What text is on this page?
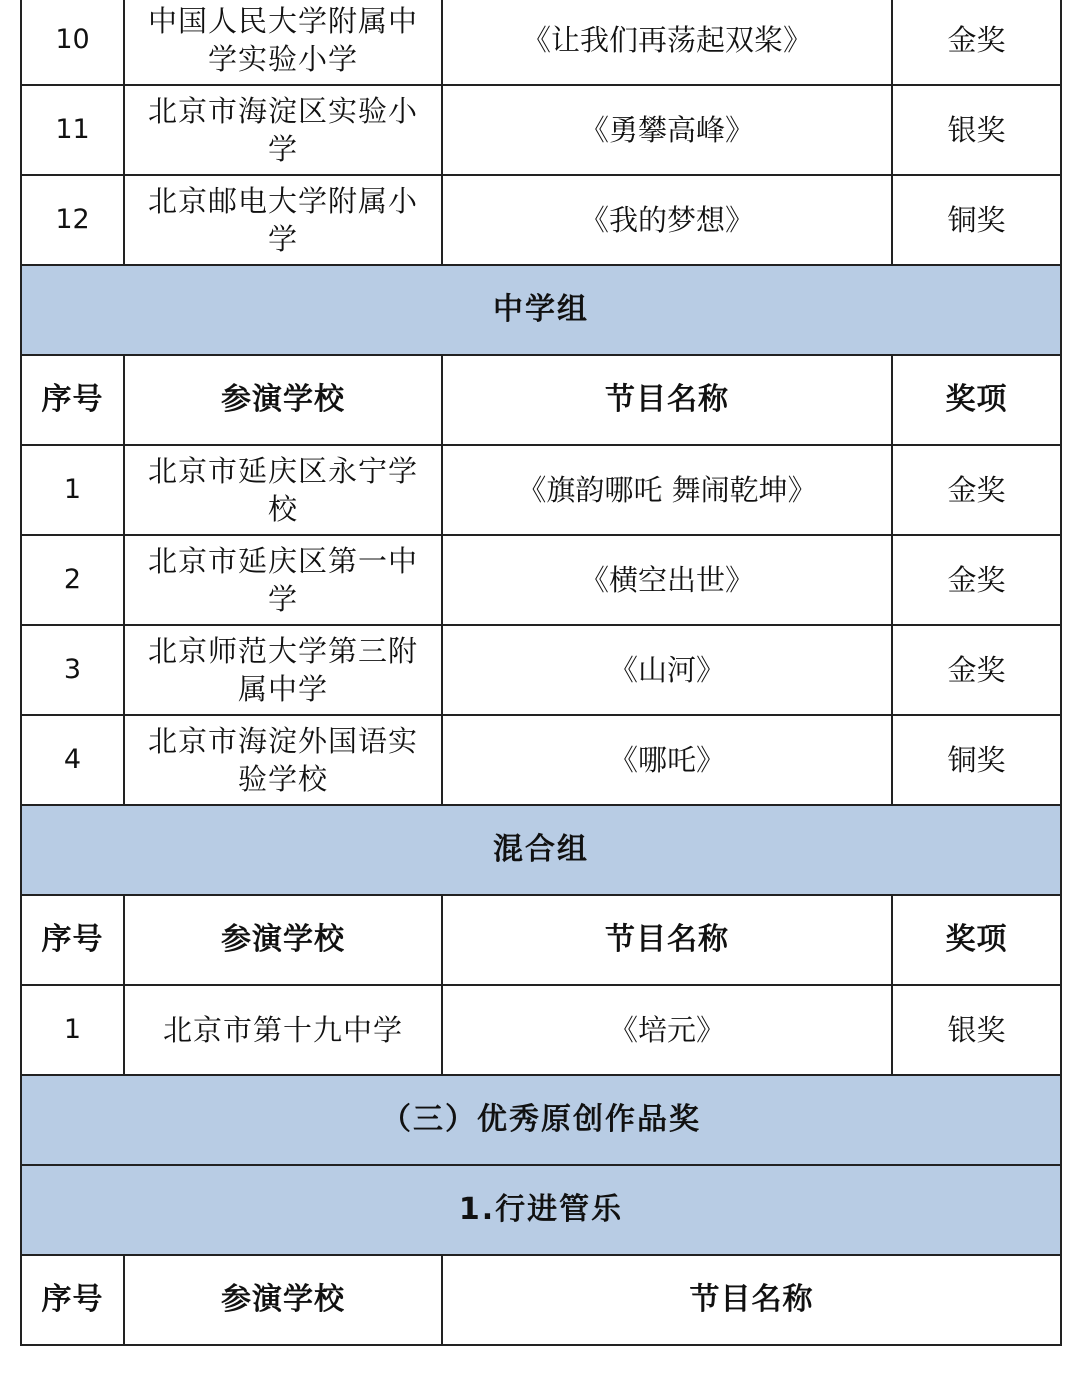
10	中国人民大学附属中学实验小学	《让我们再荡起双桨》	金奖
11	北京市海淀区实验小学	《勇攀高峰》	银奖
12	北京邮电大学附属小学	《我的梦想》	铜奖
中学组			
序号	参演学校	节目名称	奖项
1	北京市延庆区永宁学校	《旗韵哪吒 舞闹乾坤》	金奖
2	北京市延庆区第一中学	《横空出世》	金奖
3	北京师范大学第三附属中学	《山河》	金奖
4	北京市海淀外国语实验学校	《哪吒》	铜奖
混合组			
序号	参演学校	节目名称	奖项
1	北京市第十九中学	《培元》	银奖
（三）优秀原创作品奖			
1.行进管乐			
序号	参演学校	节目名称	
